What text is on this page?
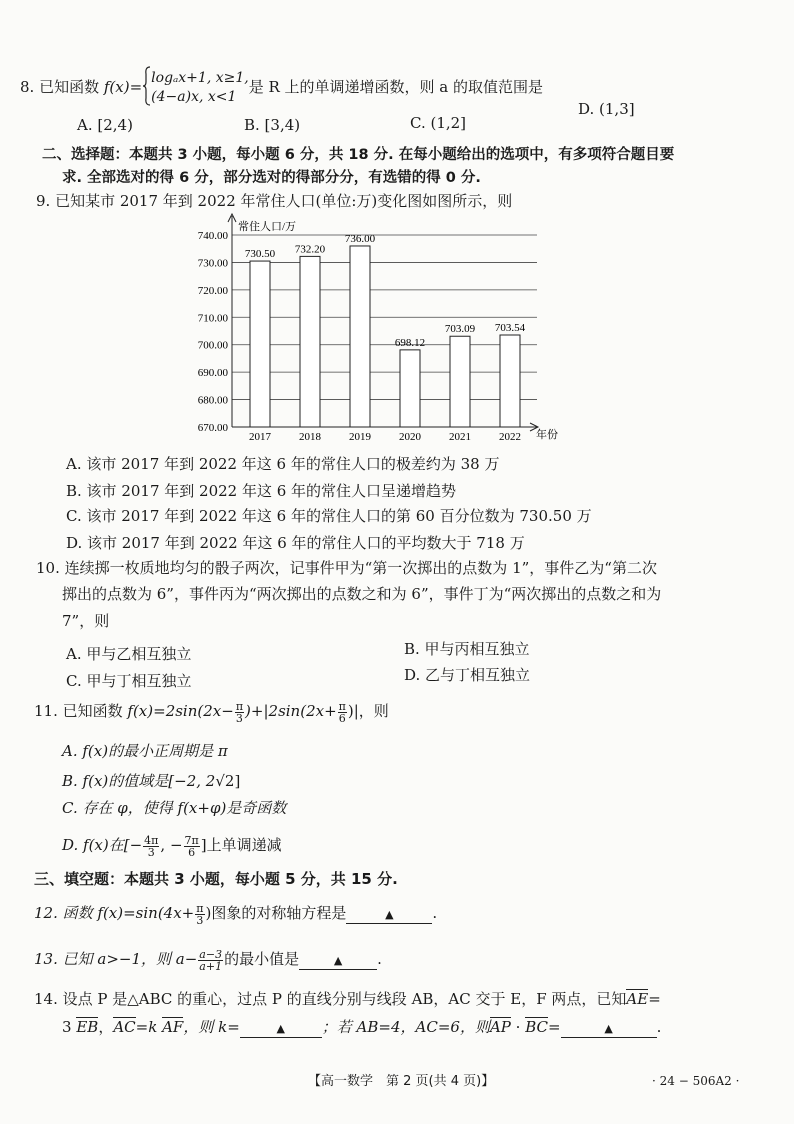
8. 已知函数 f(x)= logₐx+1, x≥1,
(4−a)x, x<1
是 R 上的单调递增函数，则 a 的取值范围是
A. [2,4)	B. [3,4)	C. (1,2]
D. (1,3]
二、选择题：本题共 3 小题，每小题 6 分，共 18 分. 在每小题给出的选项中，有多项符合题目要
求. 全部选对的得 6 分，部分选对的得部分分，有选错的得 0 分.
9. 已知某市 2017 年到 2022 年常住人口(单位:万)变化图如图所示，则
670.00
680.00
690.00
700.00
710.00
720.00
730.00
740.00
730.50
2017
732.20
2018
736.00
2019
698.12
2020
703.09
2021
703.54
2022
常住人口/万
年份
A. 该市 2017 年到 2022 年这 6 年的常住人口的极差约为 38 万
B. 该市 2017 年到 2022 年这 6 年的常住人口呈递增趋势
C. 该市 2017 年到 2022 年这 6 年的常住人口的第 60 百分位数为 730.50 万
D. 该市 2017 年到 2022 年这 6 年的常住人口的平均数大于 718 万
10. 连续掷一枚质地均匀的骰子两次，记事件甲为“第一次掷出的点数为 1”，事件乙为“第二次
掷出的点数为 6”，事件丙为“两次掷出的点数之和为 6”，事件丁为“两次掷出的点数之和为
7”，则
A. 甲与乙相互独立	B. 甲与丙相互独立
C. 甲与丁相互独立	D. 乙与丁相互独立
11. 已知函数 $f(x)=2\sin(2x- \frac{\pi}{3} )+|2\sin(2x+ \frac{\pi}{6}$ )|，则
A. f(x)的最小正周期是 π
B. f(x)的值域是[−2, 2√2]
C. 存在 φ，使得 f(x+φ)是奇函数
D. f(x)在[− $\frac{4\pi}{3}$ , − $\frac{7\pi}{6}$ ]上单调递减
三、填空题：本题共 3 小题，每小题 5 分，共 15 分.
12. 函数 $f(x)=\sin(4x+ \frac{\pi}{3}$ )图象的对称轴方程是	▲	.
13. 已知 a>−1，则 $a- \frac{a-3}{a+1}$ 的最小值是	▲ .
14. 设点 P 是△ABC 的重心，过点 P 的直线分别与线段 AB，AC 交于 E，F 两点，已知AE=
3 EB，AC=k AF，则 k=	▲ ；若 AB=4，AC=6，则AP · BC=	▲	.
【高一数学　第 2 页(共 4 页)】	· 24 − 506A2 ·
